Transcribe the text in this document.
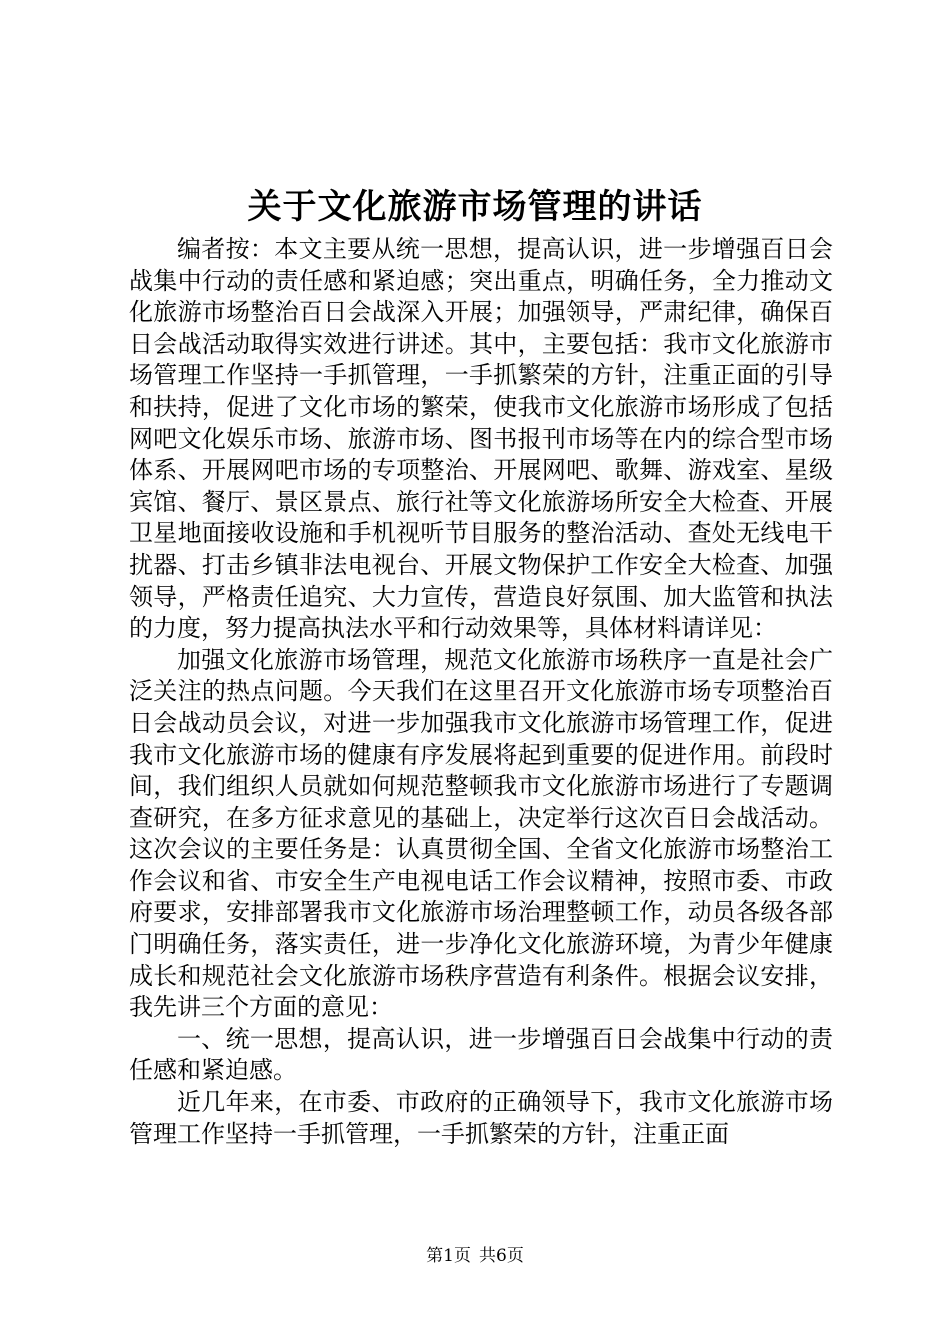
关于文化旅游市场管理的讲话

编者按：本文主要从统一思想，提高认识，进一步增强百日会战集中行动的责任感和紧迫感；突出重点，明确任务，全力推动文化旅游市场整治百日会战深入开展；加强领导，严肃纪律，确保百日会战活动取得实效进行讲述。其中，主要包括：我市文化旅游市场管理工作坚持一手抓管理，一手抓繁荣的方针，注重正面的引导和扶持，促进了文化市场的繁荣，使我市文化旅游市场形成了包括网吧文化娱乐市场、旅游市场、图书报刊市场等在内的综合型市场体系、开展网吧市场的专项整治、开展网吧、歌舞、游戏室、星级宾馆、餐厅、景区景点、旅行社等文化旅游场所安全大检查、开展卫星地面接收设施和手机视听节目服务的整治活动、查处无线电干扰器、打击乡镇非法电视台、开展文物保护工作安全大检查、加强领导，严格责任追究、大力宣传，营造良好氛围、加大监管和执法的力度，努力提高执法水平和行动效果等，具体材料请详见：

加强文化旅游市场管理，规范文化旅游市场秩序一直是社会广泛关注的热点问题。今天我们在这里召开文化旅游市场专项整治百日会战动员会议，对进一步加强我市文化旅游市场管理工作，促进我市文化旅游市场的健康有序发展将起到重要的促进作用。前段时间，我们组织人员就如何规范整顿我市文化旅游市场进行了专题调查研究，在多方征求意见的基础上，决定举行这次百日会战活动。这次会议的主要任务是：认真贯彻全国、全省文化旅游市场整治工作会议和省、市安全生产电视电话工作会议精神，按照市委、市政府要求，安排部署我市文化旅游市场治理整顿工作，动员各级各部门明确任务，落实责任，进一步净化文化旅游环境，为青少年健康成长和规范社会文化旅游市场秩序营造有利条件。根据会议安排，我先讲三个方面的意见：

一、统一思想，提高认识，进一步增强百日会战集中行动的责任感和紧迫感。

近几年来，在市委、市政府的正确领导下，我市文化旅游市场管理工作坚持一手抓管理，一手抓繁荣的方针，注重正面

第1页 共6页
